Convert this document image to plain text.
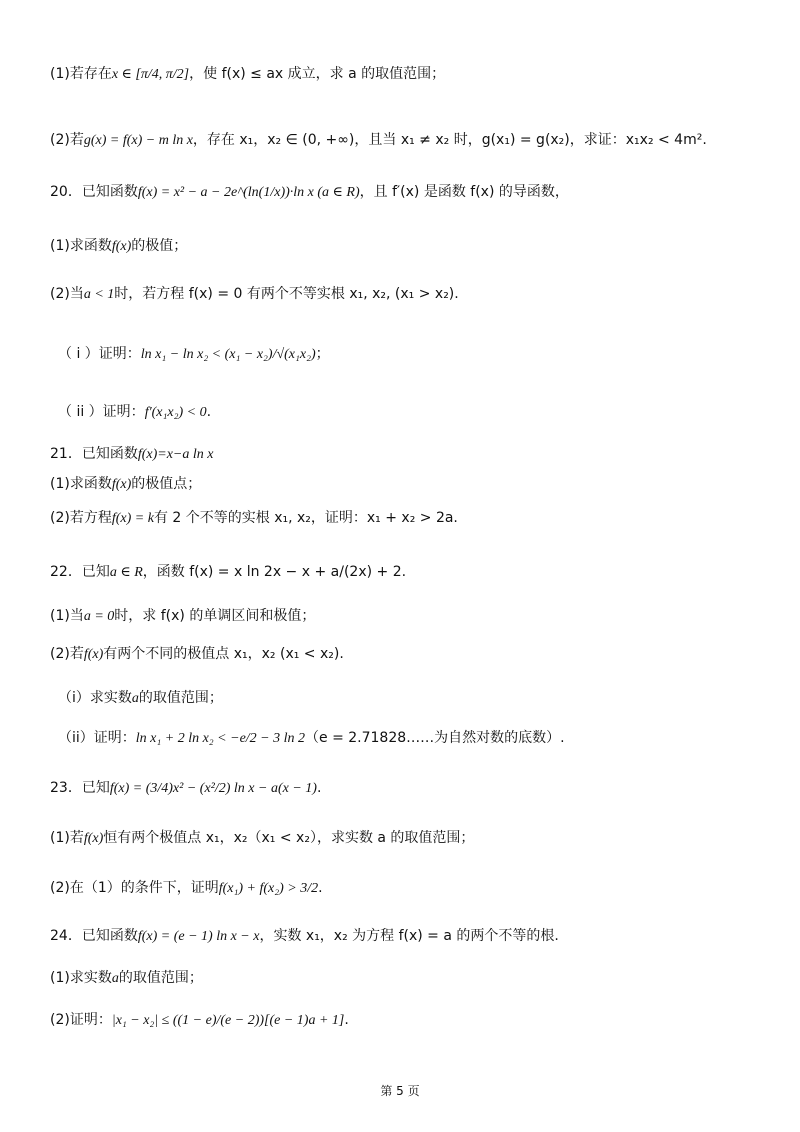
(1)若存在x ∈ [π/4, π/2]，使 f(x) ≤ ax 成立，求 a 的取值范围；
(2)若g(x) = f(x) − m ln x，存在 x₁，x₂ ∈ (0, +∞)，且当 x₁ ≠ x₂ 时，g(x₁) = g(x₂)，求证：x₁x₂ < 4m².
20．已知函数f(x) = x² − a − 2e^(ln(1/x))·ln x (a ∈ R)，且 f′(x) 是函数 f(x) 的导函数，
(1)求函数f(x)的极值；
(2)当a < 1时，若方程 f(x) = 0 有两个不等实根 x₁, x₂, (x₁ > x₂).
（ i ）证明：ln x₁ − ln x₂ < (x₁ − x₂)/√(x₁x₂)；
（ ii ）证明：f′(x₁x₂) < 0.
21．已知函数f(x)=x−a ln x
(1)求函数f(x)的极值点；
(2)若方程f(x) = k有 2 个不等的实根 x₁, x₂，证明：x₁ + x₂ > 2a.
22．已知a ∈ R，函数 f(x) = x ln 2x − x + a/(2x) + 2.
(1)当a = 0时，求 f(x) 的单调区间和极值；
(2)若f(x)有两个不同的极值点 x₁，x₂ (x₁ < x₂).
（i）求实数a的取值范围；
（ii）证明：ln x₁ + 2 ln x₂ < −e/2 − 3 ln 2（e = 2.71828……为自然对数的底数）.
23．已知f(x) = (3/4)x² − (x²/2) ln x − a(x − 1).
(1)若f(x)恒有两个极值点 x₁，x₂（x₁ < x₂），求实数 a 的取值范围；
(2)在（1）的条件下，证明f(x₁) + f(x₂) > 3/2.
24．已知函数f(x) = (e − 1) ln x − x，实数 x₁，x₂ 为方程 f(x) = a 的两个不等的根.
(1)求实数a的取值范围；
(2)证明：|x₁ − x₂| ≤ ((1 − e)/(e − 2))[(e − 1)a + 1].
第 5 页
